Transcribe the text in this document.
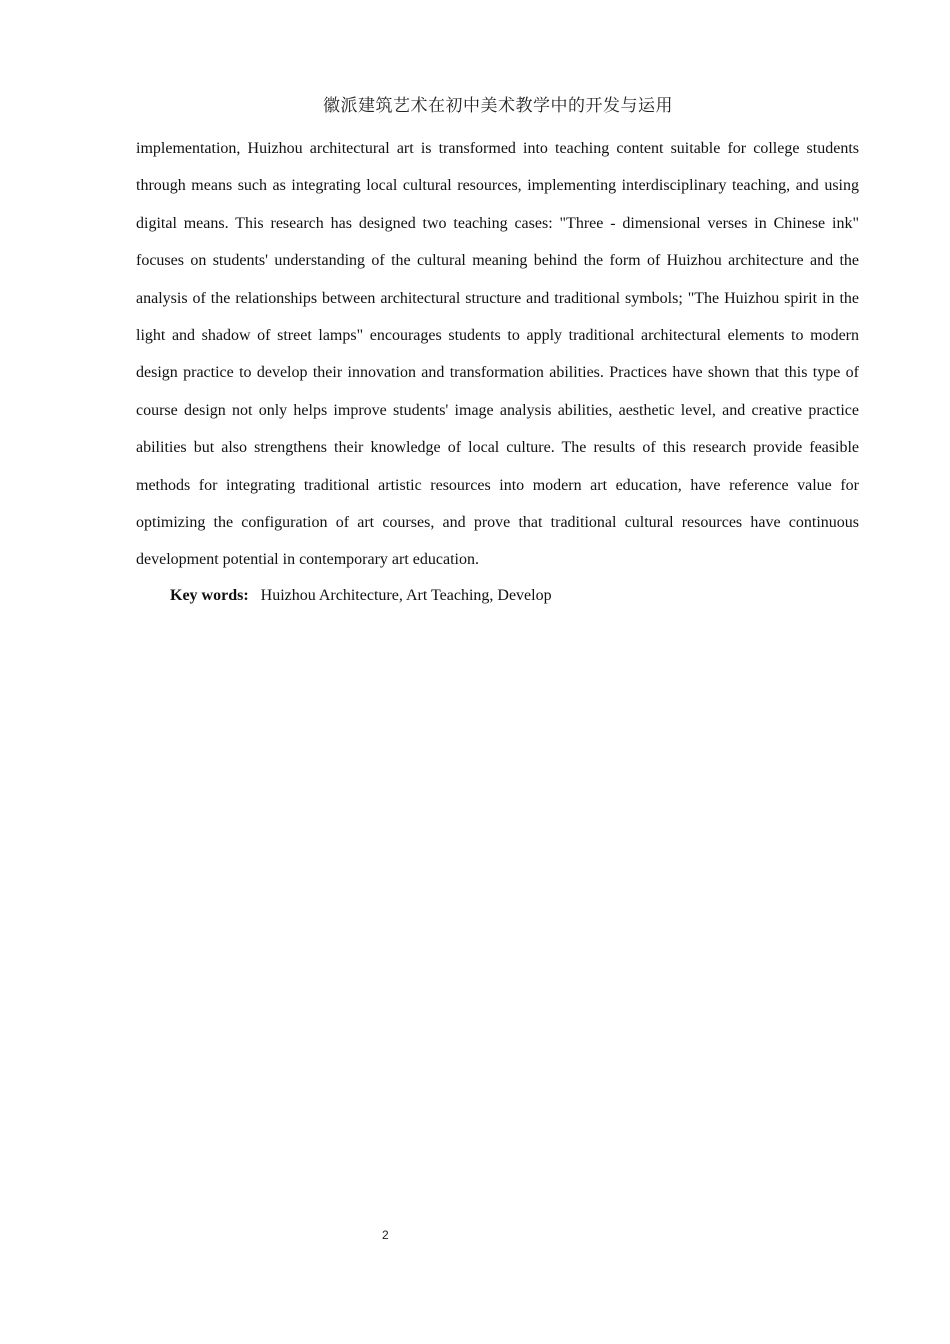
徽派建筑艺术在初中美术教学中的开发与运用

implementation, Huizhou architectural art is transformed into teaching content suitable for college students through means such as integrating local cultural resources, implementing interdisciplinary teaching, and using digital means. This research has designed two teaching cases: "Three - dimensional verses in Chinese ink" focuses on students' understanding of the cultural meaning behind the form of Huizhou architecture and the analysis of the relationships between architectural structure and traditional symbols; "The Huizhou spirit in the light and shadow of street lamps" encourages students to apply traditional architectural elements to modern design practice to develop their innovation and transformation abilities. Practices have shown that this type of course design not only helps improve students' image analysis abilities, aesthetic level, and creative practice abilities but also strengthens their knowledge of local culture. The results of this research provide feasible methods for integrating traditional artistic resources into modern art education, have reference value for optimizing the configuration of art courses, and prove that traditional cultural resources have continuous development potential in contemporary art education.

Key words: Huizhou Architecture, Art Teaching, Develop
2
